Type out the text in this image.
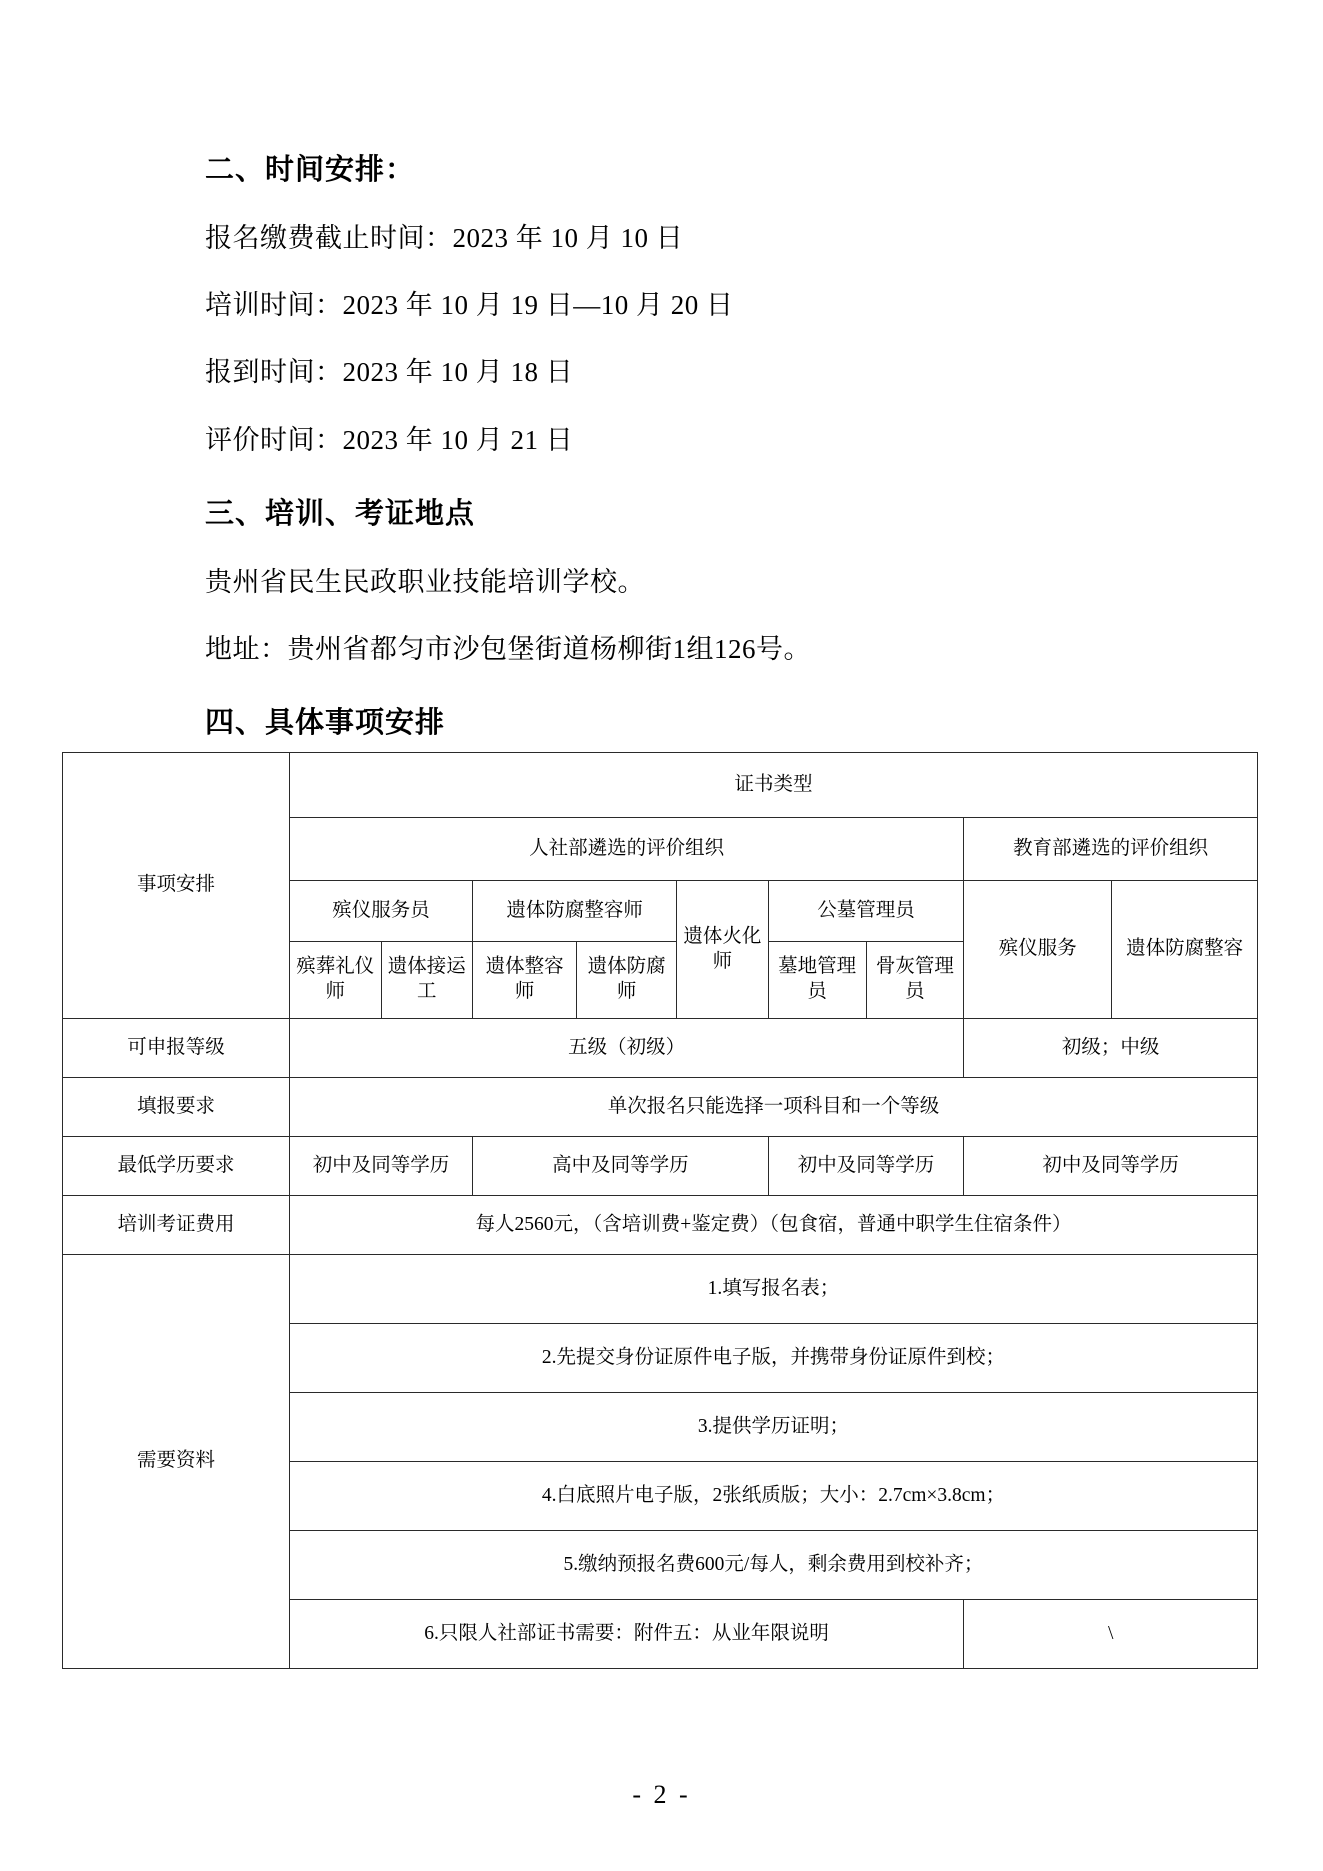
二、时间安排：

报名缴费截止时间：2023 年 10 月 10 日

培训时间：2023 年 10 月 19 日—10 月 20 日

报到时间：2023 年 10 月 18 日

评价时间：2023 年 10 月 21 日

三、培训、考证地点

贵州省民生民政职业技能培训学校。

地址：贵州省都匀市沙包堡街道杨柳街1组126号。

四、具体事项安排
事项安排	证书类型								
	人社部遴选的评价组织							教育部遴选的评价组织	
	殡仪服务员		遗体防腐整容师		遗体火化师	公墓管理员		殡仪服务	遗体防腐整容
	殡葬礼仪师	遗体接运工	遗体整容师	遗体防腐师		墓地管理员	骨灰管理员		
可申报等级	五级（初级）							初级；中级	
填报要求	单次报名只能选择一项科目和一个等级								
最低学历要求	初中及同等学历		高中及同等学历			初中及同等学历		初中及同等学历	
培训考证费用	每人2560元，（含培训费+鉴定费）（包食宿，普通中职学生住宿条件）								
需要资料	1.填写报名表；								
	2.先提交身份证原件电子版，并携带身份证原件到校；								
	3.提供学历证明；								
	4.白底照片电子版，2张纸质版；大小：2.7cm×3.8cm；								
	5.缴纳预报名费600元/每人，剩余费用到校补齐；								
	6.只限人社部证书需要：附件五：从业年限说明							\	
- 2 -
